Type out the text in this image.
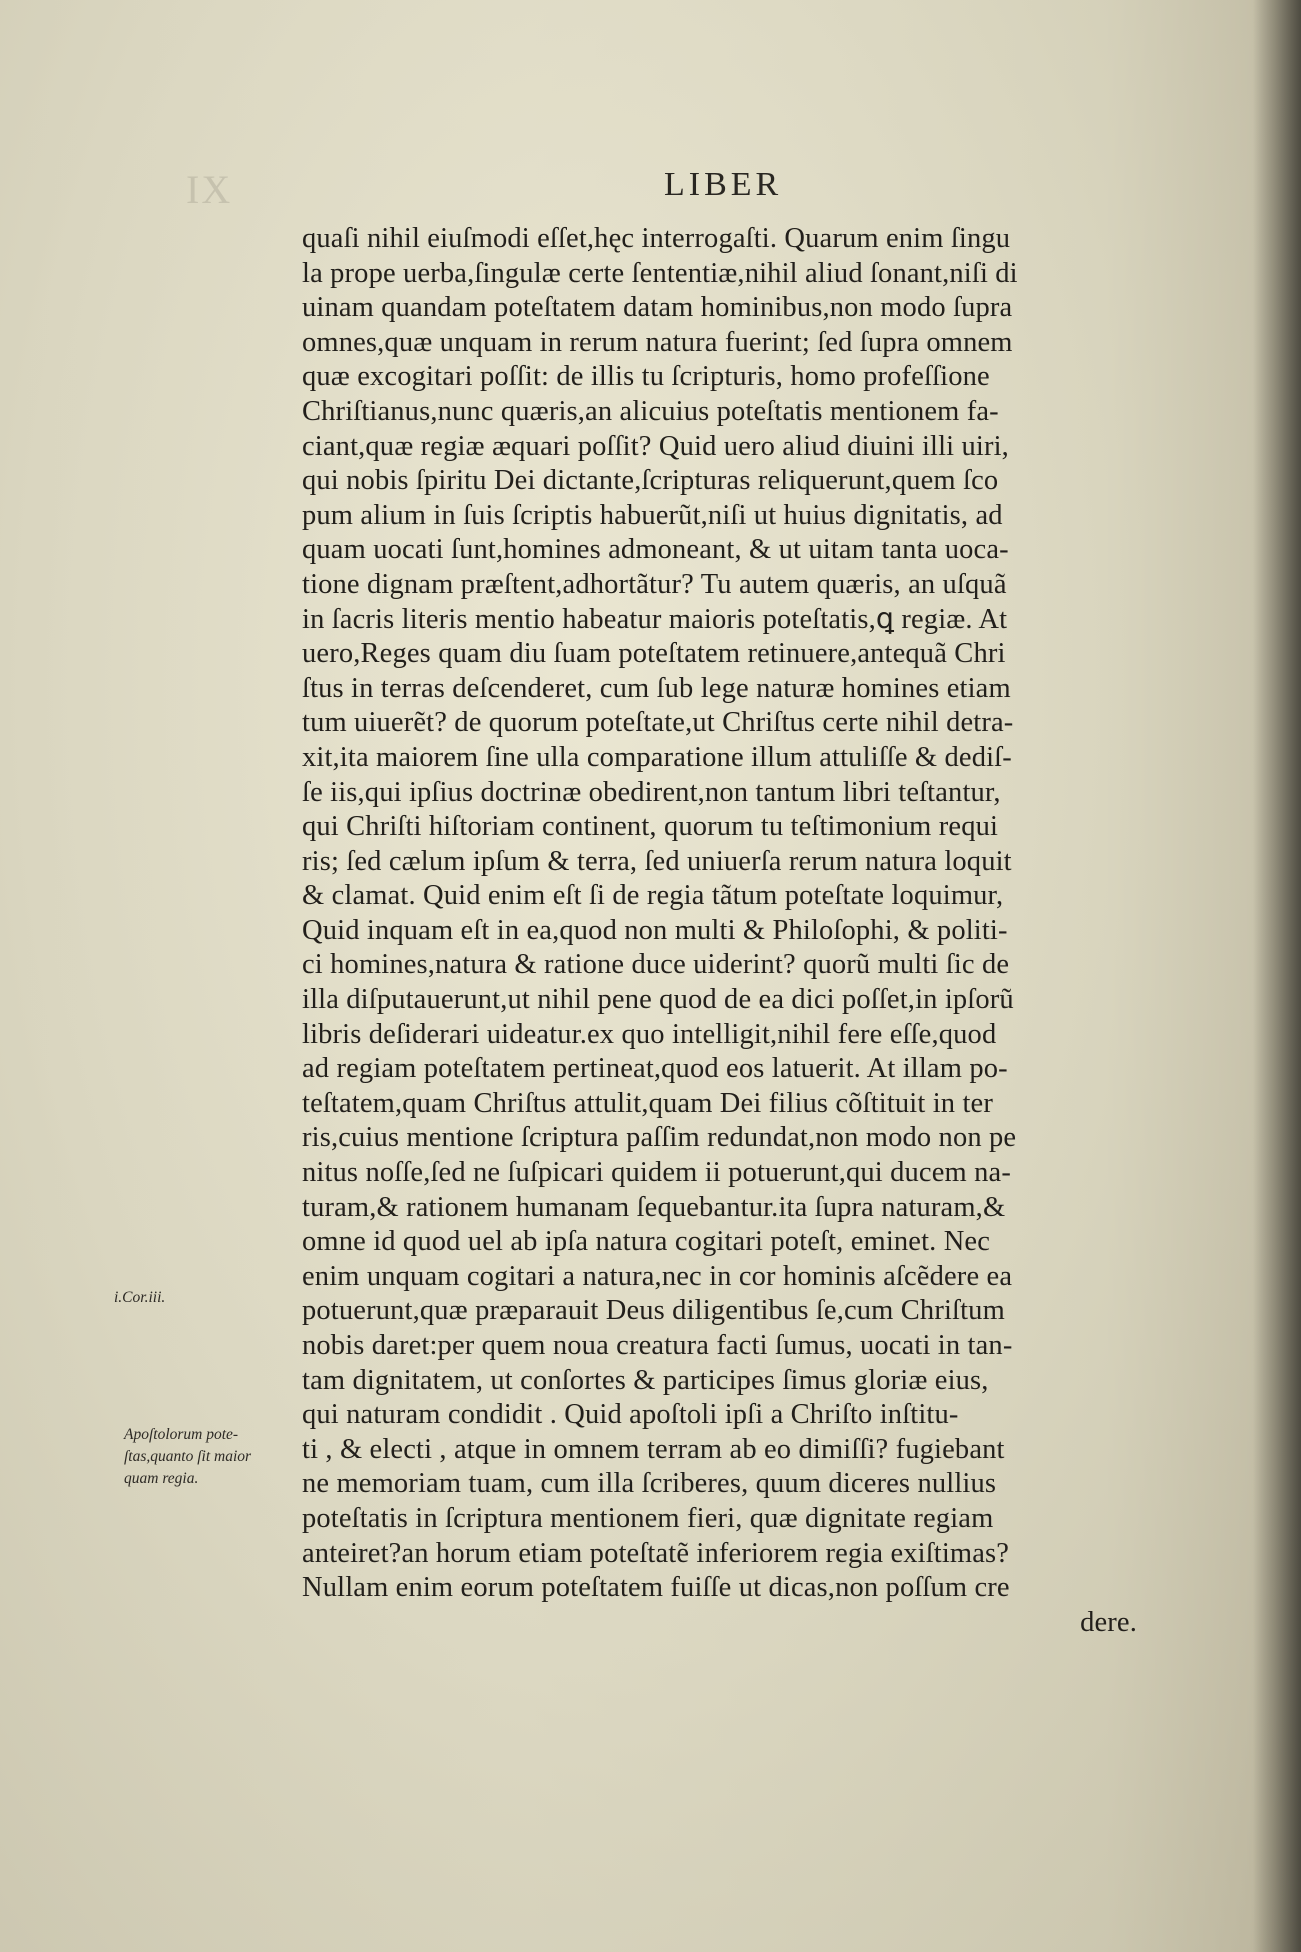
IX	LIBER
quaſi nihil eiuſmodi eſſet,hęc interrogaſti. Quarum enim ſingu
la prope uerba,ſingulæ certe ſententiæ,nihil aliud ſonant,niſi di
uinam quandam poteſtatem datam hominibus,non modo ſupra
omnes,quæ unquam in rerum natura fuerint; ſed ſupra omnem
quæ excogitari poſſit: de illis tu ſcripturis, homo profeſſione
Chriſtianus,nunc quæris,an alicuius poteſtatis mentionem fa-
ciant,quæ regiæ æquari poſſit? Quid uero aliud diuini illi uiri,
qui nobis ſpiritu Dei dictante,ſcripturas reliquerunt,quem ſco
pum alium in ſuis ſcriptis habuerũt,niſi ut huius dignitatis, ad
quam uocati ſunt,homines admoneant, & ut uitam tanta uoca-
tione dignam præſtent,adhortãtur? Tu autem quæris, an uſquã
in ſacris literis mentio habeatur maioris poteſtatis,ꝗ regiæ. At
uero,Reges quam diu ſuam poteſtatem retinuere,antequã Chri
ſtus in terras deſcenderet, cum ſub lege naturæ homines etiam
tum uiuerẽt? de quorum poteſtate,ut Chriſtus certe nihil detra-
xit,ita maiorem ſine ulla comparatione illum attuliſſe & dediſ-
ſe iis,qui ipſius doctrinæ obedirent,non tantum libri teſtantur,
qui Chriſti hiſtoriam continent, quorum tu teſtimonium requi
ris; ſed cælum ipſum & terra, ſed uniuerſa rerum natura loquit
& clamat. Quid enim eſt ſi de regia tãtum poteſtate loquimur,
Quid inquam eſt in ea,quod non multi & Philoſophi, & politi-
ci homines,natura & ratione duce uiderint? quorũ multi ſic de
illa diſputauerunt,ut nihil pene quod de ea dici poſſet,in ipſorũ
libris deſiderari uideatur.ex quo intelligit,nihil fere eſſe,quod
ad regiam poteſtatem pertineat,quod eos latuerit. At illam po-
teſtatem,quam Chriſtus attulit,quam Dei filius cõſtituit in ter
ris,cuius mentione ſcriptura paſſim redundat,non modo non pe
nitus noſſe,ſed ne ſuſpicari quidem ii potuerunt,qui ducem na-
turam,& rationem humanam ſequebantur.ita ſupra naturam,&
omne id quod uel ab ipſa natura cogitari poteſt, eminet. Nec
enim unquam cogitari a natura,nec in cor hominis aſcẽdere ea
potuerunt,quæ præparauit Deus diligentibus ſe,cum Chriſtum
nobis daret:per quem noua creatura facti ſumus, uocati in tan-
tam dignitatem, ut conſortes & participes ſimus gloriæ eius,
qui naturam condidit . Quid apoſtoli ipſi a Chriſto inſtitu-
ti , & electi , atque in omnem terram ab eo dimiſſi? fugiebant
ne memoriam tuam, cum illa ſcriberes, quum diceres nullius
poteſtatis in ſcriptura mentionem fieri, quæ dignitate regiam
anteiret?an horum etiam poteſtatẽ inferiorem regia exiſtimas?
Nullam enim eorum poteſtatem fuiſſe ut dicas,non poſſum cre
dere.
i.Cor.iii.
Apoſtolorum pote-
ſtas,quanto ſit maior
quam regia.
